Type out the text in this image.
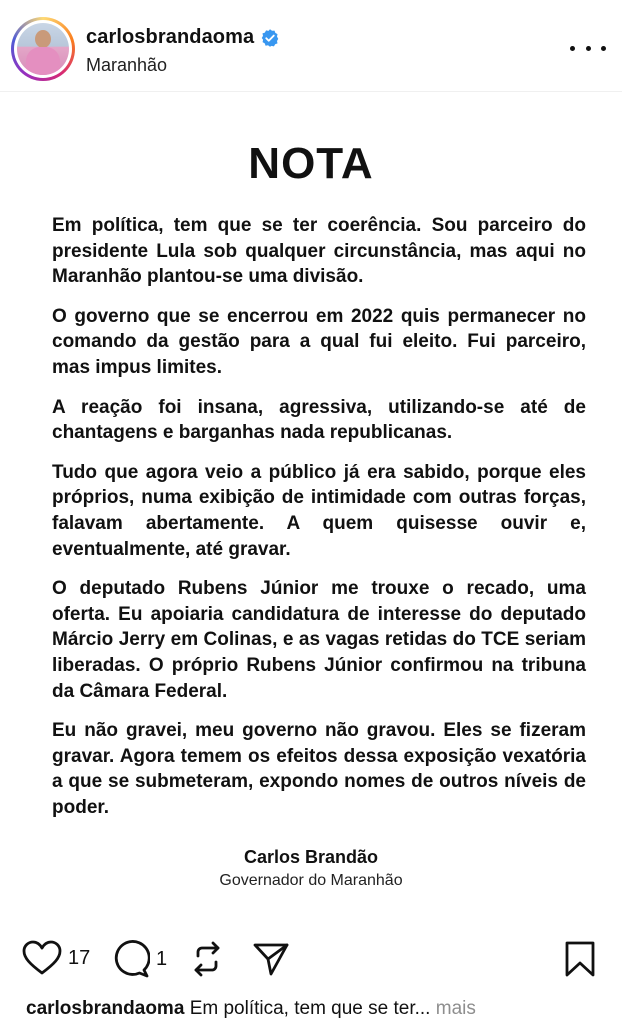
carlosbrandaoma
Maranhão
NOTA

Em política, tem que se ter coerência. Sou parceiro do presidente Lula sob qualquer circunstância, mas aqui no Maranhão plantou-se uma divisão.

O governo que se encerrou em 2022 quis permanecer no comando da gestão para a qual fui eleito. Fui parceiro, mas impus limites.

A reação foi insana, agressiva, utilizando-se até de chantagens e barganhas nada republicanas.

Tudo que agora veio a público já era sabido, porque eles próprios, numa exibição de intimidade com outras forças, falavam abertamente. A quem quisesse ouvir e, eventualmente, até gravar.

O deputado Rubens Júnior me trouxe o recado, uma oferta. Eu apoiaria candidatura de interesse do deputado Márcio Jerry em Colinas, e as vagas retidas do TCE seriam liberadas. O próprio Rubens Júnior confirmou na tribuna da Câmara Federal.

Eu não gravei, meu governo não gravou. Eles se fizeram gravar. Agora temem os efeitos dessa exposição vexatória a que se submeteram, expondo nomes de outros níveis de poder.

Carlos Brandão
Governador do Maranhão
17	1
carlosbrandaoma Em política, tem que se ter... mais
